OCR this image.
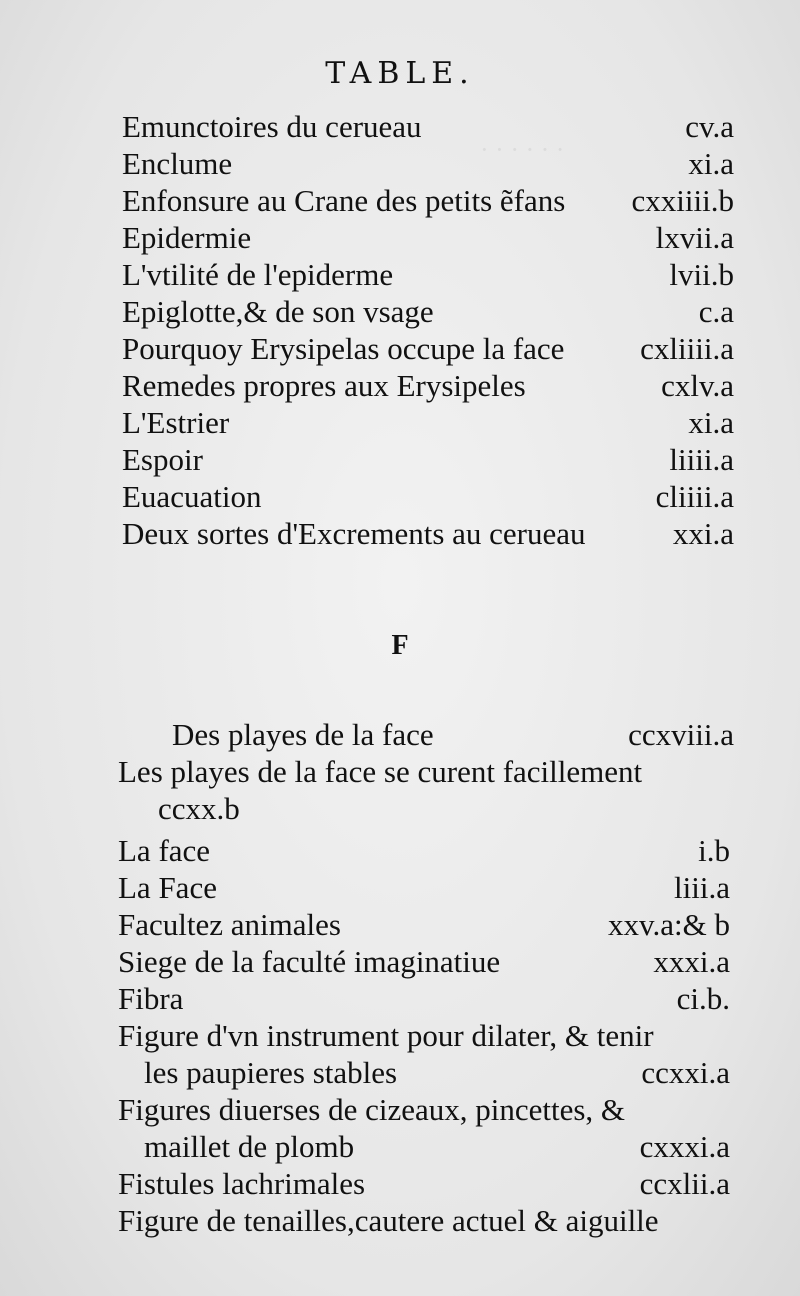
· · · · · ·
TABLE.
Emunctoires du cerueau	cv.a
Enclume	xi.a
Enfonsure au Crane des petits ẽfans cxxiiii.b
Epidermie	lxvii.a
L'vtilité de l'epiderme	lvii.b
Epiglotte,& de son vsage	c.a
Pourquoy Erysipelas occupe la face cxliiii.a
Remedes propres aux Erysipeles	cxlv.a
L'Estrier	xi.a
Espoir	liiii.a
Euacuation	cliiii.a
Deux sortes d'Excrements au cerueau	xxi.a
F
Des playes de la face	ccxviii.a
Les playes de la face se curent facillement
ccxx.b
La face	i.b
La Face	liii.a
Facultez animales	xxv.a:& b
Siege de la faculté imaginatiue	xxxi.a
Fibra	ci.b.
Figure d'vn instrument pour dilater, & tenir
les paupieres stables	ccxxi.a
Figures diuerses de cizeaux, pincettes, &
maillet de plomb	cxxxi.a
Fistules lachrimales	ccxlii.a
Figure de tenailles,cautere actuel & aiguille
